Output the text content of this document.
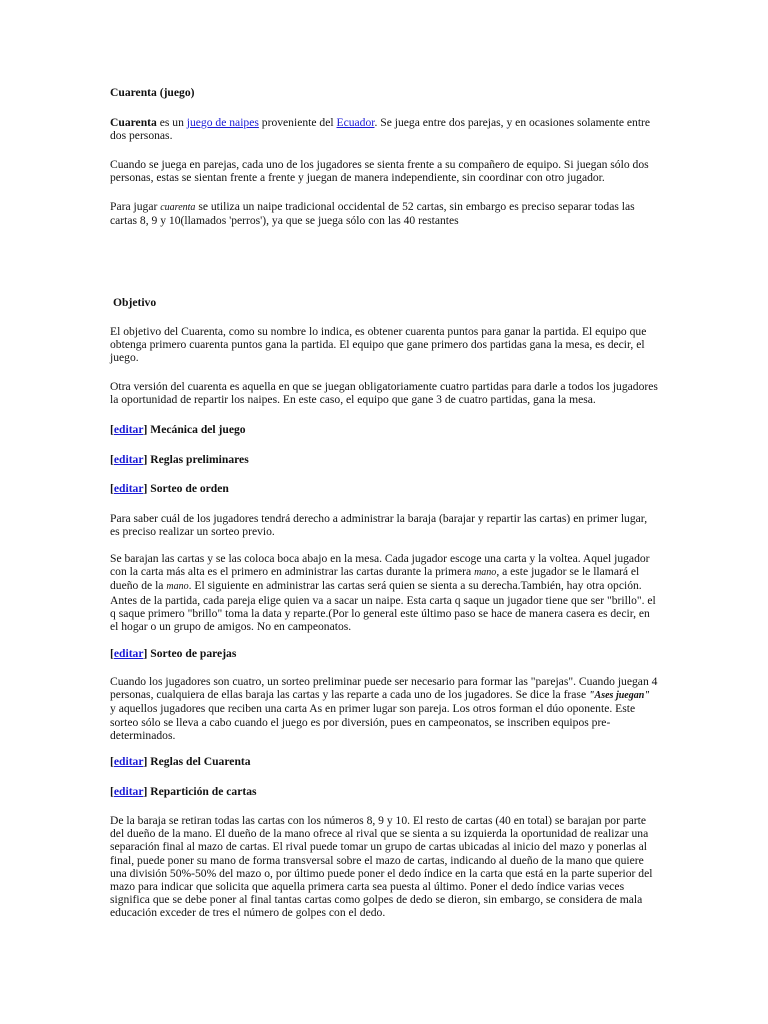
Cuarenta (juego)

Cuarenta es un juego de naipes proveniente del Ecuador. Se juega entre dos parejas, y en ocasiones solamente entre dos personas.

Cuando se juega en parejas, cada uno de los jugadores se sienta frente a su compañero de equipo. Si juegan sólo dos personas, estas se sientan frente a frente y juegan de manera independiente, sin coordinar con otro jugador.

Para jugar cuarenta se utiliza un naipe tradicional occidental de 52 cartas, sin embargo es preciso separar todas las cartas 8, 9 y 10(llamados 'perros'), ya que se juega sólo con las 40 restantes

Objetivo

El objetivo del Cuarenta, como su nombre lo indica, es obtener cuarenta puntos para ganar la partida. El equipo que obtenga primero cuarenta puntos gana la partida. El equipo que gane primero dos partidas gana la mesa, es decir, el juego.

Otra versión del cuarenta es aquella en que se juegan obligatoriamente cuatro partidas para darle a todos los jugadores la oportunidad de repartir los naipes. En este caso, el equipo que gane 3 de cuatro partidas, gana la mesa.

[editar] Mecánica del juego

[editar] Reglas preliminares

[editar] Sorteo de orden

Para saber cuál de los jugadores tendrá derecho a administrar la baraja (barajar y repartir las cartas) en primer lugar, es preciso realizar un sorteo previo.

Se barajan las cartas y se las coloca boca abajo en la mesa. Cada jugador escoge una carta y la voltea. Aquel jugador con la carta más alta es el primero en administrar las cartas durante la primera mano, a este jugador se le llamará el dueño de la mano. El siguiente en administrar las cartas será quien se sienta a su derecha.También, hay otra opción. Antes de la partida, cada pareja elige quien va a sacar un naipe. Esta carta q saque un jugador tiene que ser "brillo". el q saque primero "brillo" toma la data y reparte.(Por lo general este último paso se hace de manera casera es decir, en el hogar o un grupo de amigos. No en campeonatos.

[editar] Sorteo de parejas

Cuando los jugadores son cuatro, un sorteo preliminar puede ser necesario para formar las "parejas". Cuando juegan 4 personas, cualquiera de ellas baraja las cartas y las reparte a cada uno de los jugadores. Se dice la frase "Ases juegan" y aquellos jugadores que reciben una carta As en primer lugar son pareja. Los otros forman el dúo oponente. Este sorteo sólo se lleva a cabo cuando el juego es por diversión, pues en campeonatos, se inscriben equipos pre-determinados.

[editar] Reglas del Cuarenta

[editar] Repartición de cartas

De la baraja se retiran todas las cartas con los números 8, 9 y 10. El resto de cartas (40 en total) se barajan por parte del dueño de la mano. El dueño de la mano ofrece al rival que se sienta a su izquierda la oportunidad de realizar una separación final al mazo de cartas. El rival puede tomar un grupo de cartas ubicadas al inicio del mazo y ponerlas al final, puede poner su mano de forma transversal sobre el mazo de cartas, indicando al dueño de la mano que quiere una división 50%-50% del mazo o, por último puede poner el dedo índice en la carta que está en la parte superior del mazo para indicar que solicita que aquella primera carta sea puesta al último. Poner el dedo índice varias veces significa que se debe poner al final tantas cartas como golpes de dedo se dieron, sin embargo, se considera de mala educación exceder de tres el número de golpes con el dedo.
